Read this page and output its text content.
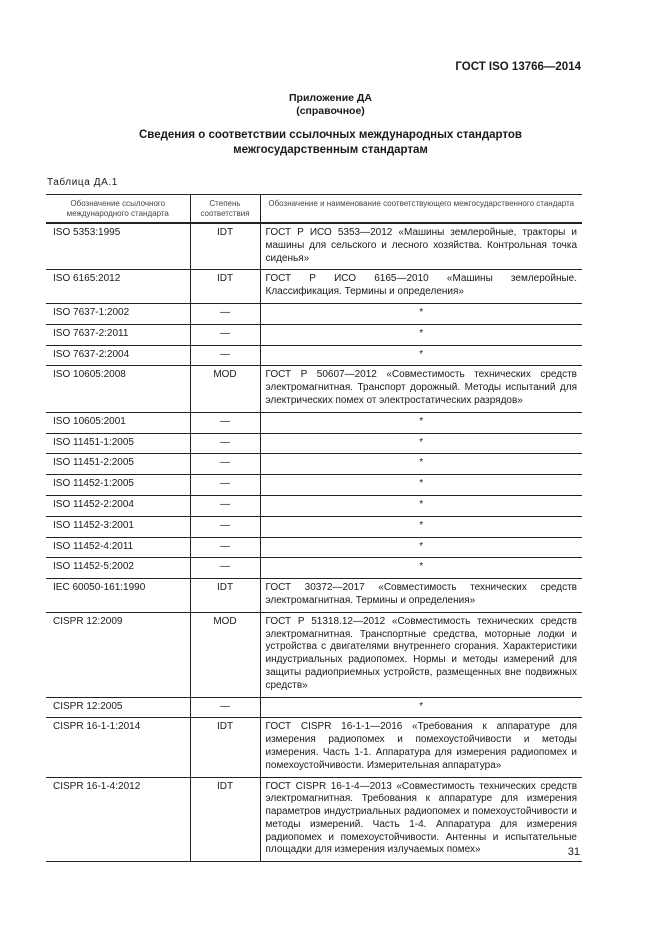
ГОСТ ISO 13766—2014
Приложение ДА
(справочное)
Сведения о соответствии ссылочных международных стандартов
межгосударственным стандартам
Таблица ДА.1
Обозначение ссылочного международного стандарта	Степень соответствия	Обозначение и наименование соответствующего межгосударственного стандарта
ISO 5353:1995	IDT	ГОСТ Р ИСО 5353—2012 «Машины землеройные, тракторы и машины для сельского и лесного хозяйства. Контрольная точка сиденья»
ISO 6165:2012	IDT	ГОСТ Р ИСО 6165—2010 «Машины землеройные. Классификация. Термины и определения»
ISO 7637-1:2002	—	*
ISO 7637-2:2011	—	*
ISO 7637-2:2004	—	*
ISO 10605:2008	MOD	ГОСТ Р 50607—2012 «Совместимость технических средств электромагнитная. Транспорт дорожный. Методы испытаний для электрических помех от электростатических разрядов»
ISO 10605:2001	—	*
ISO 11451-1:2005	—	*
ISO 11451-2:2005	—	*
ISO 11452-1:2005	—	*
ISO 11452-2:2004	—	*
ISO 11452-3:2001	—	*
ISO 11452-4:2011	—	*
ISO 11452-5:2002	—	*
IEC 60050-161:1990	IDT	ГОСТ 30372—2017 «Совместимость технических средств электромагнитная. Термины и определения»
CISPR 12:2009	MOD	ГОСТ Р 51318.12—2012 «Совместимость технических средств электромагнитная. Транспортные средства, моторные лодки и устройства с двигателями внутреннего сгорания. Характеристики индустриальных радиопомех. Нормы и методы измерений для защиты радиоприемных устройств, размещенных вне подвижных средств»
CISPR 12:2005	—	*
CISPR 16-1-1:2014	IDT	ГОСТ CISPR 16-1-1—2016 «Требования к аппаратуре для измерения радиопомех и помехоустойчивости и методы измерения. Часть 1-1. Аппаратура для измерения радиопомех и помехоустойчивости. Измерительная аппаратура»
CISPR 16-1-4:2012	IDT	ГОСТ CISPR 16-1-4—2013 «Совместимость технических средств электромагнитная. Требования к аппаратуре для измерения параметров индустриальных радиопомех и помехоустойчивости и методы измерений. Часть 1-4. Аппаратура для измерения радиопомех и помехоустойчивости. Антенны и испытательные площадки для измерения излучаемых помех»	31
